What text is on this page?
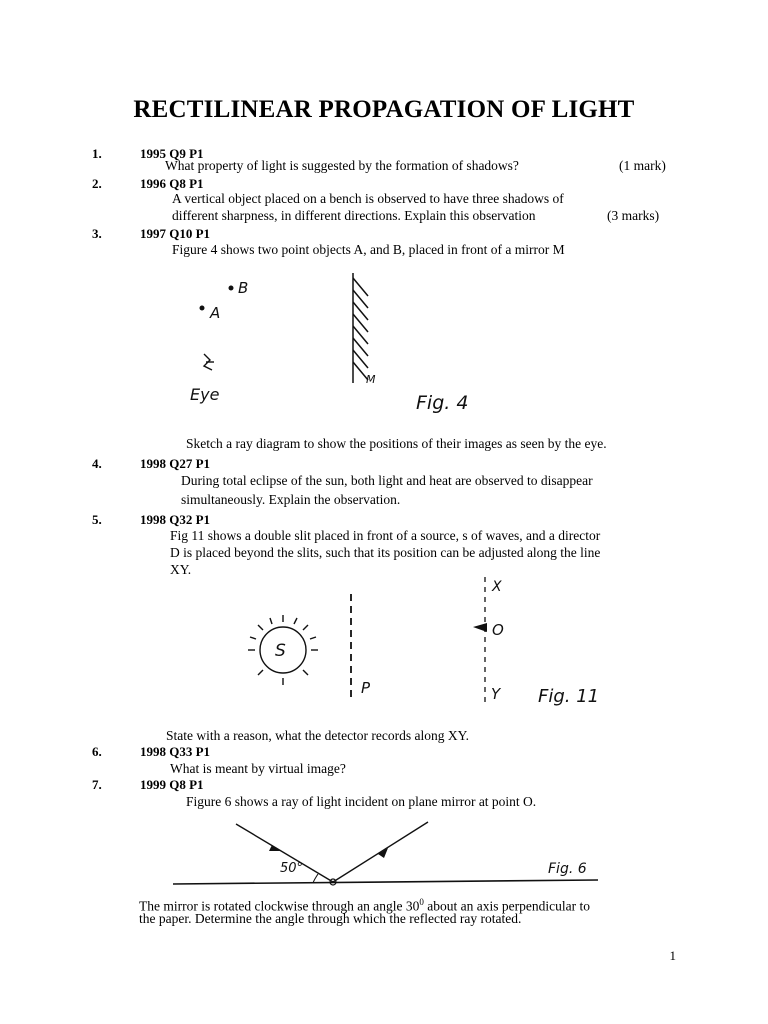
RECTILINEAR PROPAGATION OF LIGHT
1.	1995 Q9 P1
What property of light is suggested by the formation of shadows?	(1 mark)
2.	1996 Q8 P1
A vertical object placed on a bench is observed to have three shadows of
different sharpness, in different directions. Explain this observation	(3 marks)
3.	1997 Q10 P1
Figure 4 shows two point objects A, and B, placed in front of a mirror M
B
A
Eye
M
Fig. 4
Sketch a ray diagram to show the positions of their images as seen by the eye.
4.	1998 Q27 P1
During total eclipse of the sun, both light and heat are observed to disappear
simultaneously. Explain the observation.
5.	1998 Q32 P1
Fig 11 shows a double slit placed in front of a source, s of waves, and a director
D is placed beyond the slits, such that its position can be adjusted along the line
XY.
S
P
X
O
Y Fig. 11
State with a reason, what the detector records along XY.
6.	1998 Q33 P1
What is meant by virtual image?
7.	1999 Q8 P1
Figure 6 shows a ray of light incident on plane mirror at point O.
50°	Fig. 6
The mirror is rotated clockwise through an angle $30^0$ about an axis perpendicular to
the paper. Determine the angle through which the reflected ray rotated.
1
